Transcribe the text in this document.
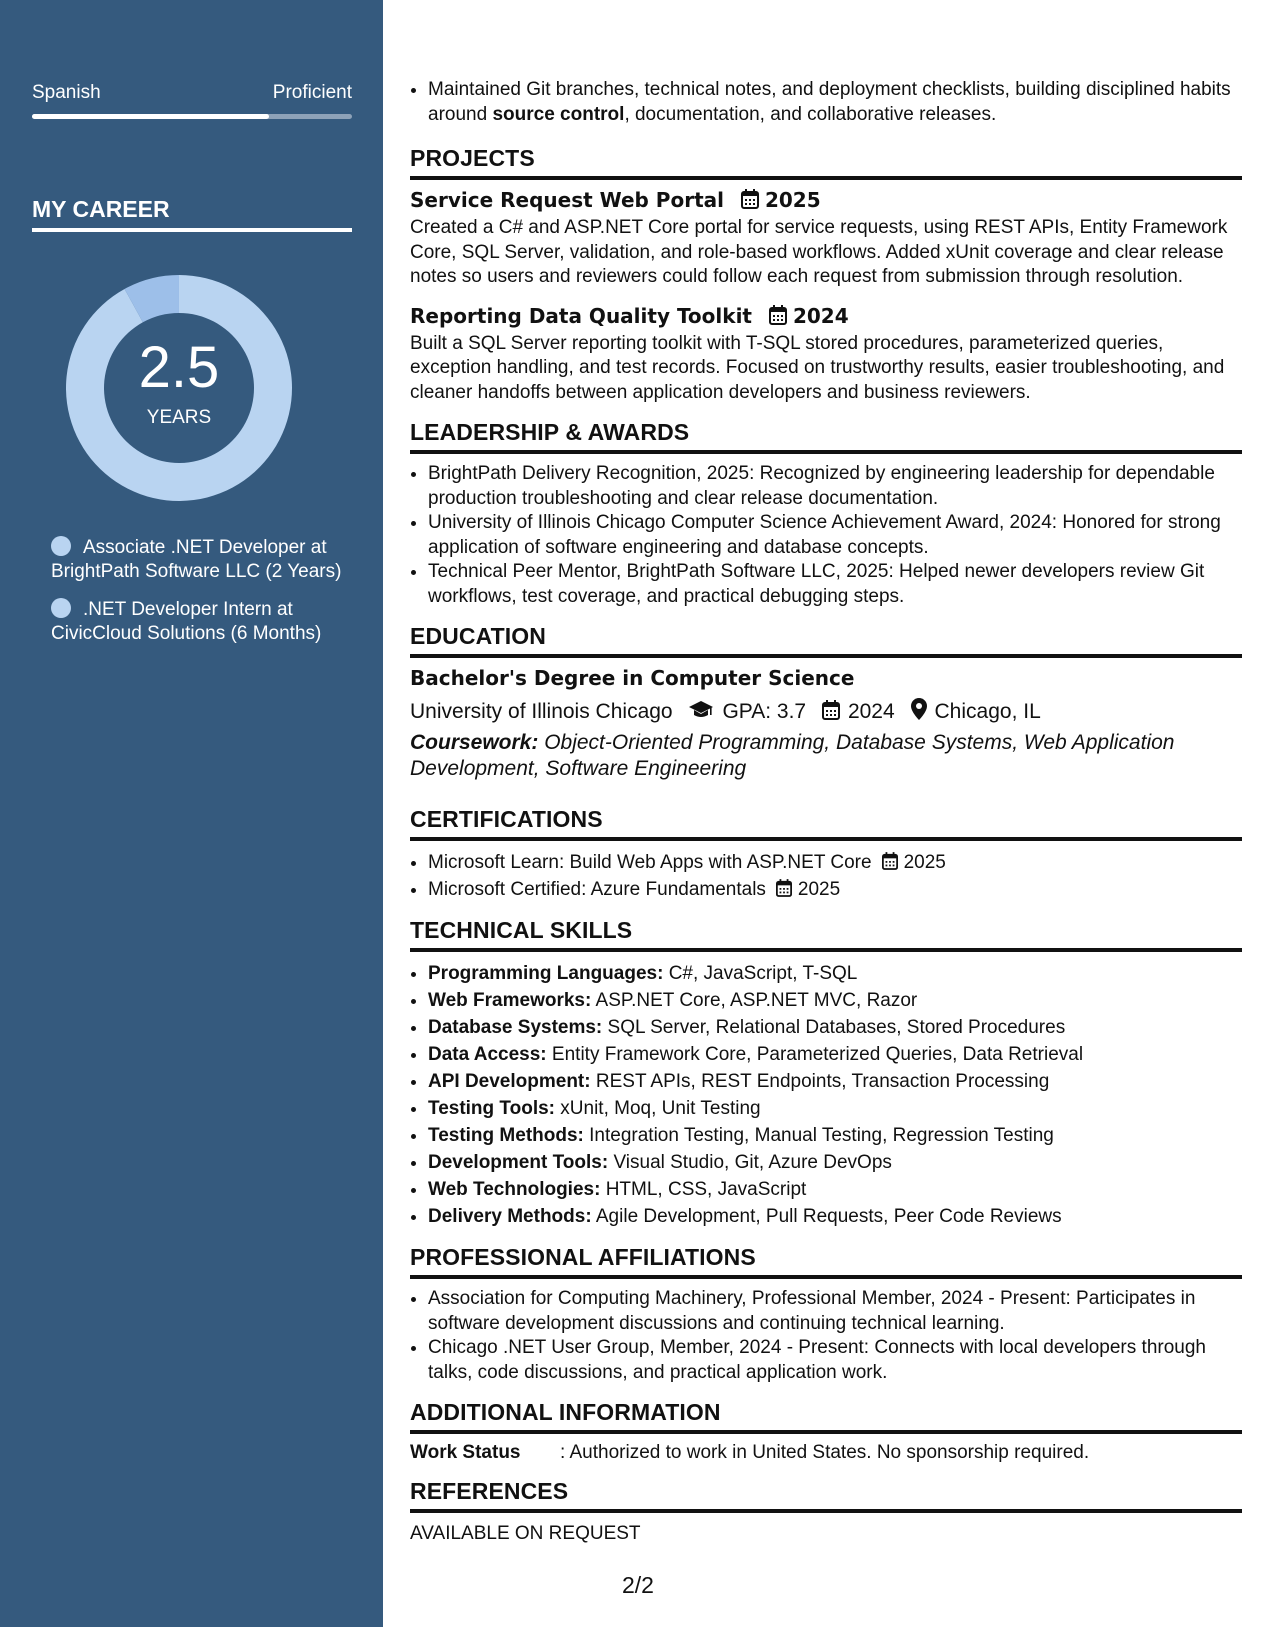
Spanish	Proficient
MY CAREER
2.5
YEARS
Associate .NET Developer at BrightPath Software LLC (2 Years)
.NET Developer Intern at CivicCloud Solutions (6 Months)
• Maintained Git branches, technical notes, and deployment checklists, building disciplined habits around source control, documentation, and collaborative releases.
PROJECTS
Service Request Web Portal 2025
Created a C# and ASP.NET Core portal for service requests, using REST APIs, Entity Framework Core, SQL Server, validation, and role-based workflows. Added xUnit coverage and clear release notes so users and reviewers could follow each request from submission through resolution.
Reporting Data Quality Toolkit 2024
Built a SQL Server reporting toolkit with T-SQL stored procedures, parameterized queries, exception handling, and test records. Focused on trustworthy results, easier troubleshooting, and cleaner handoffs between application developers and business reviewers.
LEADERSHIP & AWARDS
• BrightPath Delivery Recognition, 2025: Recognized by engineering leadership for dependable production troubleshooting and clear release documentation.
• University of Illinois Chicago Computer Science Achievement Award, 2024: Honored for strong application of software engineering and database concepts.
• Technical Peer Mentor, BrightPath Software LLC, 2025: Helped newer developers review Git workflows, test coverage, and practical debugging steps.
EDUCATION
Bachelor's Degree in Computer Science
University of Illinois Chicago GPA: 3.7 2024 Chicago, IL
Coursework: Object-Oriented Programming, Database Systems, Web Application Development, Software Engineering
CERTIFICATIONS
• Microsoft Learn: Build Web Apps with ASP.NET Core 2025
• Microsoft Certified: Azure Fundamentals 2025
TECHNICAL SKILLS
• Programming Languages: C#, JavaScript, T-SQL
• Web Frameworks: ASP.NET Core, ASP.NET MVC, Razor
• Database Systems: SQL Server, Relational Databases, Stored Procedures
• Data Access: Entity Framework Core, Parameterized Queries, Data Retrieval
• API Development: REST APIs, REST Endpoints, Transaction Processing
• Testing Tools: xUnit, Moq, Unit Testing
• Testing Methods: Integration Testing, Manual Testing, Regression Testing
• Development Tools: Visual Studio, Git, Azure DevOps
• Web Technologies: HTML, CSS, JavaScript
• Delivery Methods: Agile Development, Pull Requests, Peer Code Reviews
PROFESSIONAL AFFILIATIONS
• Association for Computing Machinery, Professional Member, 2024 - Present: Participates in software development discussions and continuing technical learning.
• Chicago .NET User Group, Member, 2024 - Present: Connects with local developers through talks, code discussions, and practical application work.
ADDITIONAL INFORMATION
Work Status : Authorized to work in United States. No sponsorship required.
REFERENCES
AVAILABLE ON REQUEST
2/2
